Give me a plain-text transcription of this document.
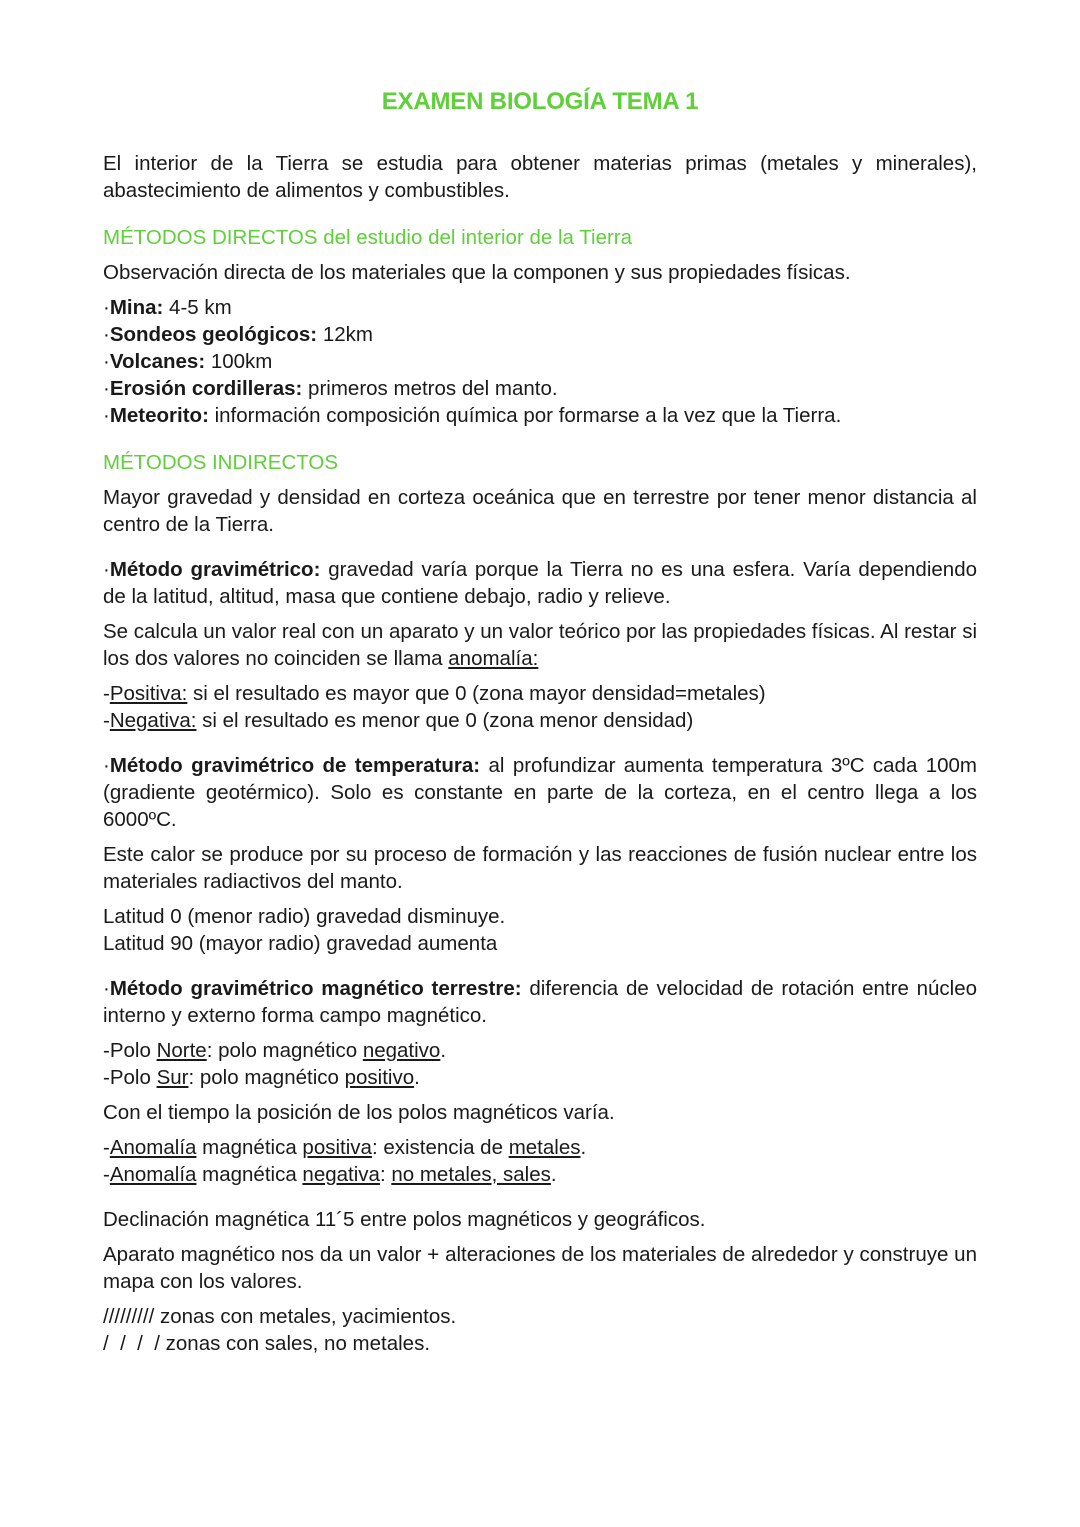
EXAMEN BIOLOGÍA TEMA 1

El interior de la Tierra se estudia para obtener materias primas (metales y minerales), abastecimiento de alimentos y combustibles.

MÉTODOS DIRECTOS del estudio del interior de la Tierra

Observación directa de los materiales que la componen y sus propiedades físicas.

·Mina: 4-5 km

·Sondeos geológicos: 12km

·Volcanes: 100km

·Erosión cordilleras: primeros metros del manto.

·Meteorito: información composición química por formarse a la vez que la Tierra.

MÉTODOS INDIRECTOS

Mayor gravedad y densidad en corteza oceánica que en terrestre por tener menor distancia al centro de la Tierra.

·Método gravimétrico: gravedad varía porque la Tierra no es una esfera. Varía dependiendo de la latitud, altitud, masa que contiene debajo, radio y relieve.

Se calcula un valor real con un aparato y un valor teórico por las propiedades físicas. Al restar si los dos valores no coinciden se llama anomalía:

-Positiva: si el resultado es mayor que 0 (zona mayor densidad=metales)

-Negativa: si el resultado es menor que 0 (zona menor densidad)

·Método gravimétrico de temperatura: al profundizar aumenta temperatura 3ºC cada 100m (gradiente geotérmico). Solo es constante en parte de la corteza, en el centro llega a los 6000ºC.

Este calor se produce por su proceso de formación y las reacciones de fusión nuclear entre los materiales radiactivos del manto.

Latitud 0 (menor radio) gravedad disminuye.

Latitud 90 (mayor radio) gravedad aumenta

·Método gravimétrico magnético terrestre: diferencia de velocidad de rotación entre núcleo interno y externo forma campo magnético.

-Polo Norte: polo magnético negativo.

-Polo Sur: polo magnético positivo.

Con el tiempo la posición de los polos magnéticos varía.

-Anomalía magnética positiva: existencia de metales.

-Anomalía magnética negativa: no metales, sales.

Declinación magnética 11´5 entre polos magnéticos y geográficos.

Aparato magnético nos da un valor + alteraciones de los materiales de alrededor y construye un mapa con los valores.

///////// zonas con metales, yacimientos.

/  /  /  / zonas con sales, no metales.
